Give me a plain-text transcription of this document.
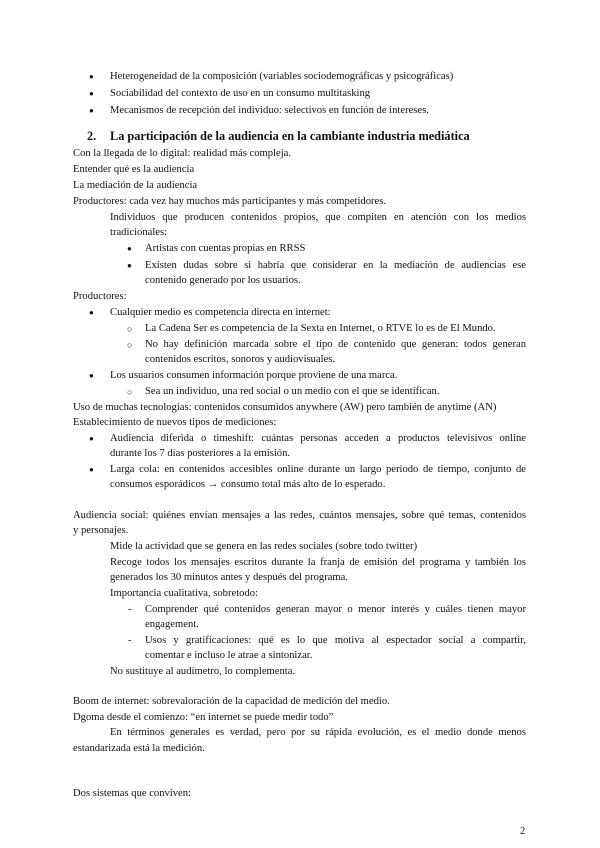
● Heterogeneidad de la composición (variables sociodemográficas y psicográficas)
● Sociabilidad del contexto de uso en un consumo multitasking
● Mecanismos de recepción del individuo: selectivos en función de intereses.
2. La participación de la audiencia en la cambiante industria mediática
Con la llegada de lo digital: realidad más compleja.
Entender qué es la audiencia
La mediación de la audiencia
Productores: cada vez hay muchos más participantes y más competidores.
Individuos que producen contenidos propios, que compiten en atención con los medios
tradicionales:
● Artistas con cuentas propias en RRSS
● Existen dudas sobre si habría que considerar en la mediación de audiencias ese
contenido generado por los usuarios.
Productores:
● Cualquier medio es competencia directa en internet:
○ La Cadena Ser es competencia de la Sexta en Internet, o RTVE lo es de El Mundo.
○ No hay definición marcada sobre el tipo de contenido que generan: todos generan
contenidos escritos, sonoros y audiovisuales.
● Los usuarios consumen información porque proviene de una marca.
○ Sea un individuo, una red social o un medio con el que se identifican.
Uso de muchas tecnologías: contenidos consumidos anywhere (AW) pero también de anytime (AN)
Establecimiento de nuevos tipos de mediciones:
● Audiencia diferida o timeshift: cuántas personas acceden a productos televisivos online
durante los 7 días posteriores a la emisión.
● Larga cola: en contenidos accesibles online durante un largo periodo de tiempo, conjunto de
consumos esporádicos → consumo total más alto de lo esperado.
Audiencia social: quiénes envían mensajes a las redes, cuántos mensajes, sobre qué temas, contenidos
y personajes.
Mide la actividad que se genera en las redes sociales (sobre todo twitter)
Recoge todos los mensajes escritos durante la franja de emisión del programa y también los
generados los 30 minutos antes y después del programa.
Importancia cualitativa, sobretodo:
- Comprender qué contenidos generan mayor o menor interés y cuáles tienen mayor
engagement.
- Usos y gratificaciones: qué es lo que motiva al espectador social a compartir,
comentar e incluso le atrae a sintonizar.
No sustituye al audímetro, lo complementa.
Boom de internet: sobrevaloración de la capacidad de medición del medio.
Dgoma desde el comienzo: “en internet se puede medir todo”
En términos generales es verdad, pero por su rápida evolución, es el medio donde menos
estandarizada está la medición.
Dos sistemas que conviven:
2
